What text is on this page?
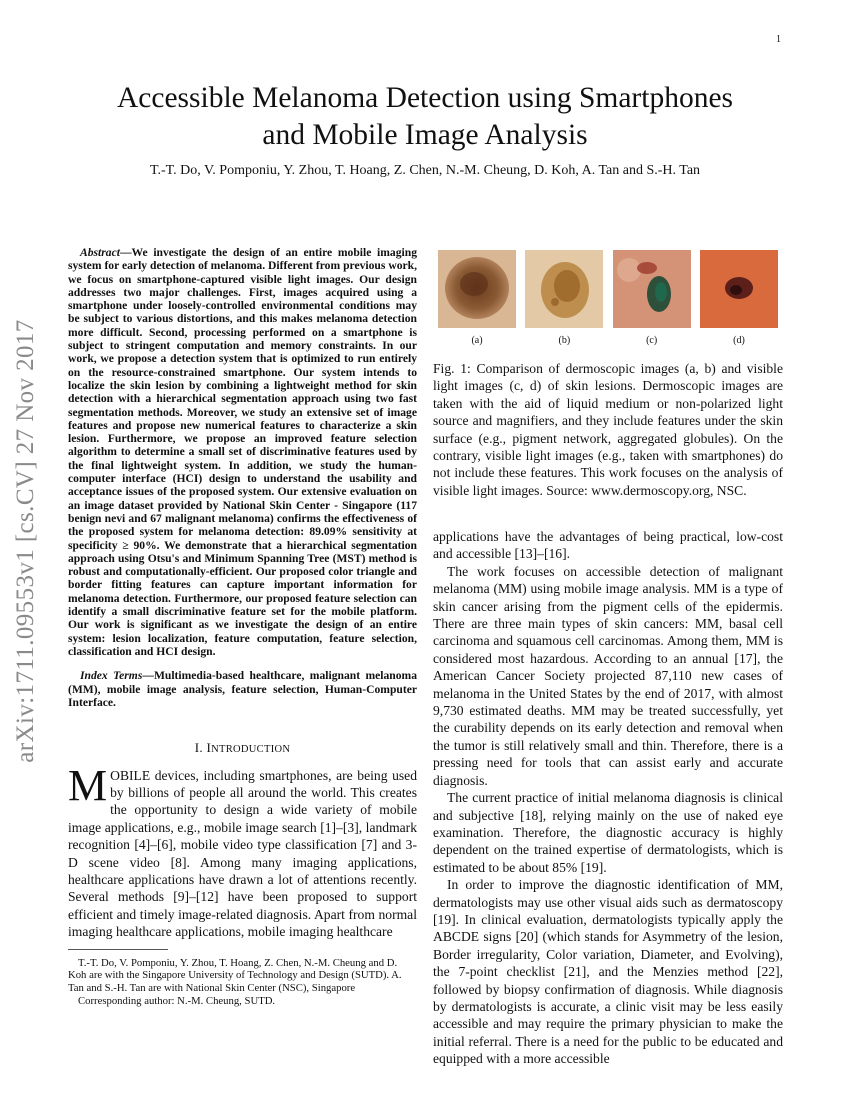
1
arXiv:1711.09553v1 [cs.CV] 27 Nov 2017
Accessible Melanoma Detection using Smartphones
and Mobile Image Analysis
T.-T. Do, V. Pomponiu, Y. Zhou, T. Hoang, Z. Chen, N.-M. Cheung, D. Koh, A. Tan and S.-H. Tan

Abstract—We investigate the design of an entire mobile imaging system for early detection of melanoma. Different from previous work, we focus on smartphone-captured visible light images. Our design addresses two major challenges. First, images acquired using a smartphone under loosely-controlled environmental conditions may be subject to various distortions, and this makes melanoma detection more difficult. Second, processing performed on a smartphone is subject to stringent computation and memory constraints. In our work, we propose a detection system that is optimized to run entirely on the resource-constrained smartphone. Our system intends to localize the skin lesion by combining a lightweight method for skin detection with a hierarchical segmentation approach using two fast segmentation methods. Moreover, we study an extensive set of image features and propose new numerical features to characterize a skin lesion. Furthermore, we propose an improved feature selection algorithm to determine a small set of discriminative features used by the final lightweight system. In addition, we study the human-computer interface (HCI) design to understand the usability and acceptance issues of the proposed system. Our extensive evaluation on an image dataset provided by National Skin Center - Singapore (117 benign nevi and 67 malignant melanoma) confirms the effectiveness of the proposed system for melanoma detection: 89.09% sensitivity at specificity ≥ 90%. We demonstrate that a hierarchical segmentation approach using Otsu's and Minimum Spanning Tree (MST) method is robust and computationally-efficient. Our proposed color triangle and border fitting features can capture important information for melanoma detection. Furthermore, our proposed feature selection can identify a small discriminative feature set for the mobile platform. Our work is significant as we investigate the design of an entire system: lesion localization, feature computation, feature selection, classification and HCI design.

Index Terms—Multimedia-based healthcare, malignant melanoma (MM), mobile image analysis, feature selection, Human-Computer Interface.

I. INTRODUCTION

MOBILE devices, including smartphones, are being used by billions of people all around the world. This creates the opportunity to design a wide variety of mobile image applications, e.g., mobile image search [1]–[3], landmark recognition [4]–[6], mobile video type classification [7] and 3-D scene video [8]. Among many imaging applications, healthcare applications have drawn a lot of attentions recently. Several methods [9]–[12] have been proposed to support efficient and timely image-related diagnosis. Apart from normal imaging healthcare applications, mobile imaging healthcare

T.-T. Do, V. Pomponiu, Y. Zhou, T. Hoang, Z. Chen, N.-M. Cheung and D. Koh are with the Singapore University of Technology and Design (SUTD). A. Tan and S.-H. Tan are with National Skin Center (NSC), Singapore

Corresponding author: N.-M. Cheung, SUTD.

(a)	(b)	(c)	(d)

Fig. 1: Comparison of dermoscopic images (a, b) and visible light images (c, d) of skin lesions. Dermoscopic images are taken with the aid of liquid medium or non-polarized light source and magnifiers, and they include features under the skin surface (e.g., pigment network, aggregated globules). On the contrary, visible light images (e.g., taken with smartphones) do not include these features. This work focuses on the analysis of visible light images. Source: www.dermoscopy.org, NSC.

applications have the advantages of being practical, low-cost and accessible [13]–[16].

The work focuses on accessible detection of malignant melanoma (MM) using mobile image analysis. MM is a type of skin cancer arising from the pigment cells of the epidermis. There are three main types of skin cancers: MM, basal cell carcinoma and squamous cell carcinomas. Among them, MM is considered most hazardous. According to an annual [17], the American Cancer Society projected 87,110 new cases of melanoma in the United States by the end of 2017, with almost 9,730 estimated deaths. MM may be treated successfully, yet the curability depends on its early detection and removal when the tumor is still relatively small and thin. Therefore, there is a pressing need for tools that can assist early and accurate diagnosis.

The current practice of initial melanoma diagnosis is clinical and subjective [18], relying mainly on the use of naked eye examination. Therefore, the diagnostic accuracy is highly dependent on the trained expertise of dermatologists, which is estimated to be about 85% [19].

In order to improve the diagnostic identification of MM, dermatologists may use other visual aids such as dermatoscopy [19]. In clinical evaluation, dermatologists typically apply the ABCDE signs [20] (which stands for Asymmetry of the lesion, Border irregularity, Color variation, Diameter, and Evolving), the 7-point checklist [21], and the Menzies method [22], followed by biopsy confirmation of diagnosis. While diagnosis by dermatologists is accurate, a clinic visit may be less easily accessible and may require the primary physician to make the initial referral. There is a need for the public to be educated and equipped with a more accessible
